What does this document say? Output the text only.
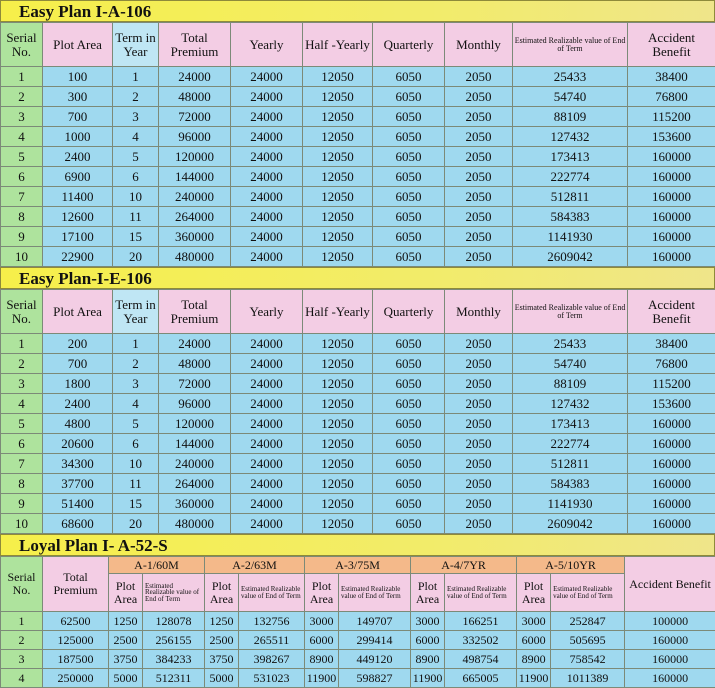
Easy Plan I-A-106
Serial No.	Plot Area	Term in Year	Total Premium	Yearly	Half -Yearly	Quarterly	Monthly	Estimated Realizable value of End of Term	Accident Benefit
1	100	1	24000	24000	12050	6050	2050	25433	38400
2	300	2	48000	24000	12050	6050	2050	54740	76800
3	700	3	72000	24000	12050	6050	2050	88109	115200
4	1000	4	96000	24000	12050	6050	2050	127432	153600
5	2400	5	120000	24000	12050	6050	2050	173413	160000
6	6900	6	144000	24000	12050	6050	2050	222774	160000
7	11400	10	240000	24000	12050	6050	2050	512811	160000
8	12600	11	264000	24000	12050	6050	2050	584383	160000
9	17100	15	360000	24000	12050	6050	2050	1141930	160000
10	22900	20	480000	24000	12050	6050	2050	2609042	160000
Easy Plan-I-E-106
Serial No.	Plot Area	Term in Year	Total Premium	Yearly	Half -Yearly	Quarterly	Monthly	Estimated Realizable value of End of Term	Accident Benefit
1	200	1	24000	24000	12050	6050	2050	25433	38400
2	700	2	48000	24000	12050	6050	2050	54740	76800
3	1800	3	72000	24000	12050	6050	2050	88109	115200
4	2400	4	96000	24000	12050	6050	2050	127432	153600
5	4800	5	120000	24000	12050	6050	2050	173413	160000
6	20600	6	144000	24000	12050	6050	2050	222774	160000
7	34300	10	240000	24000	12050	6050	2050	512811	160000
8	37700	11	264000	24000	12050	6050	2050	584383	160000
9	51400	15	360000	24000	12050	6050	2050	1141930	160000
10	68600	20	480000	24000	12050	6050	2050	2609042	160000
Loyal Plan I- A-52-S
Serial No.	Total Premium	A-1/60M		A-2/63M		A-3/75M		A-4/7YR		A-5/10YR		Accident Benefit
		Plot Area	Estimated Realizable value of End of Term	Plot Area	Estimated Realizable value of End of Term	Plot Area	Estimated Realizable value of End of Term	Plot Area	Estimated Realizable value of End of Term	Plot Area	Estimated Realizable value of End of Term	
1	62500	1250	128078	1250	132756	3000	149707	3000	166251	3000	252847	100000
2	125000	2500	256155	2500	265511	6000	299414	6000	332502	6000	505695	160000
3	187500	3750	384233	3750	398267	8900	449120	8900	498754	8900	758542	160000
4	250000	5000	512311	5000	531023	11900	598827	11900	665005	11900	1011389	160000
